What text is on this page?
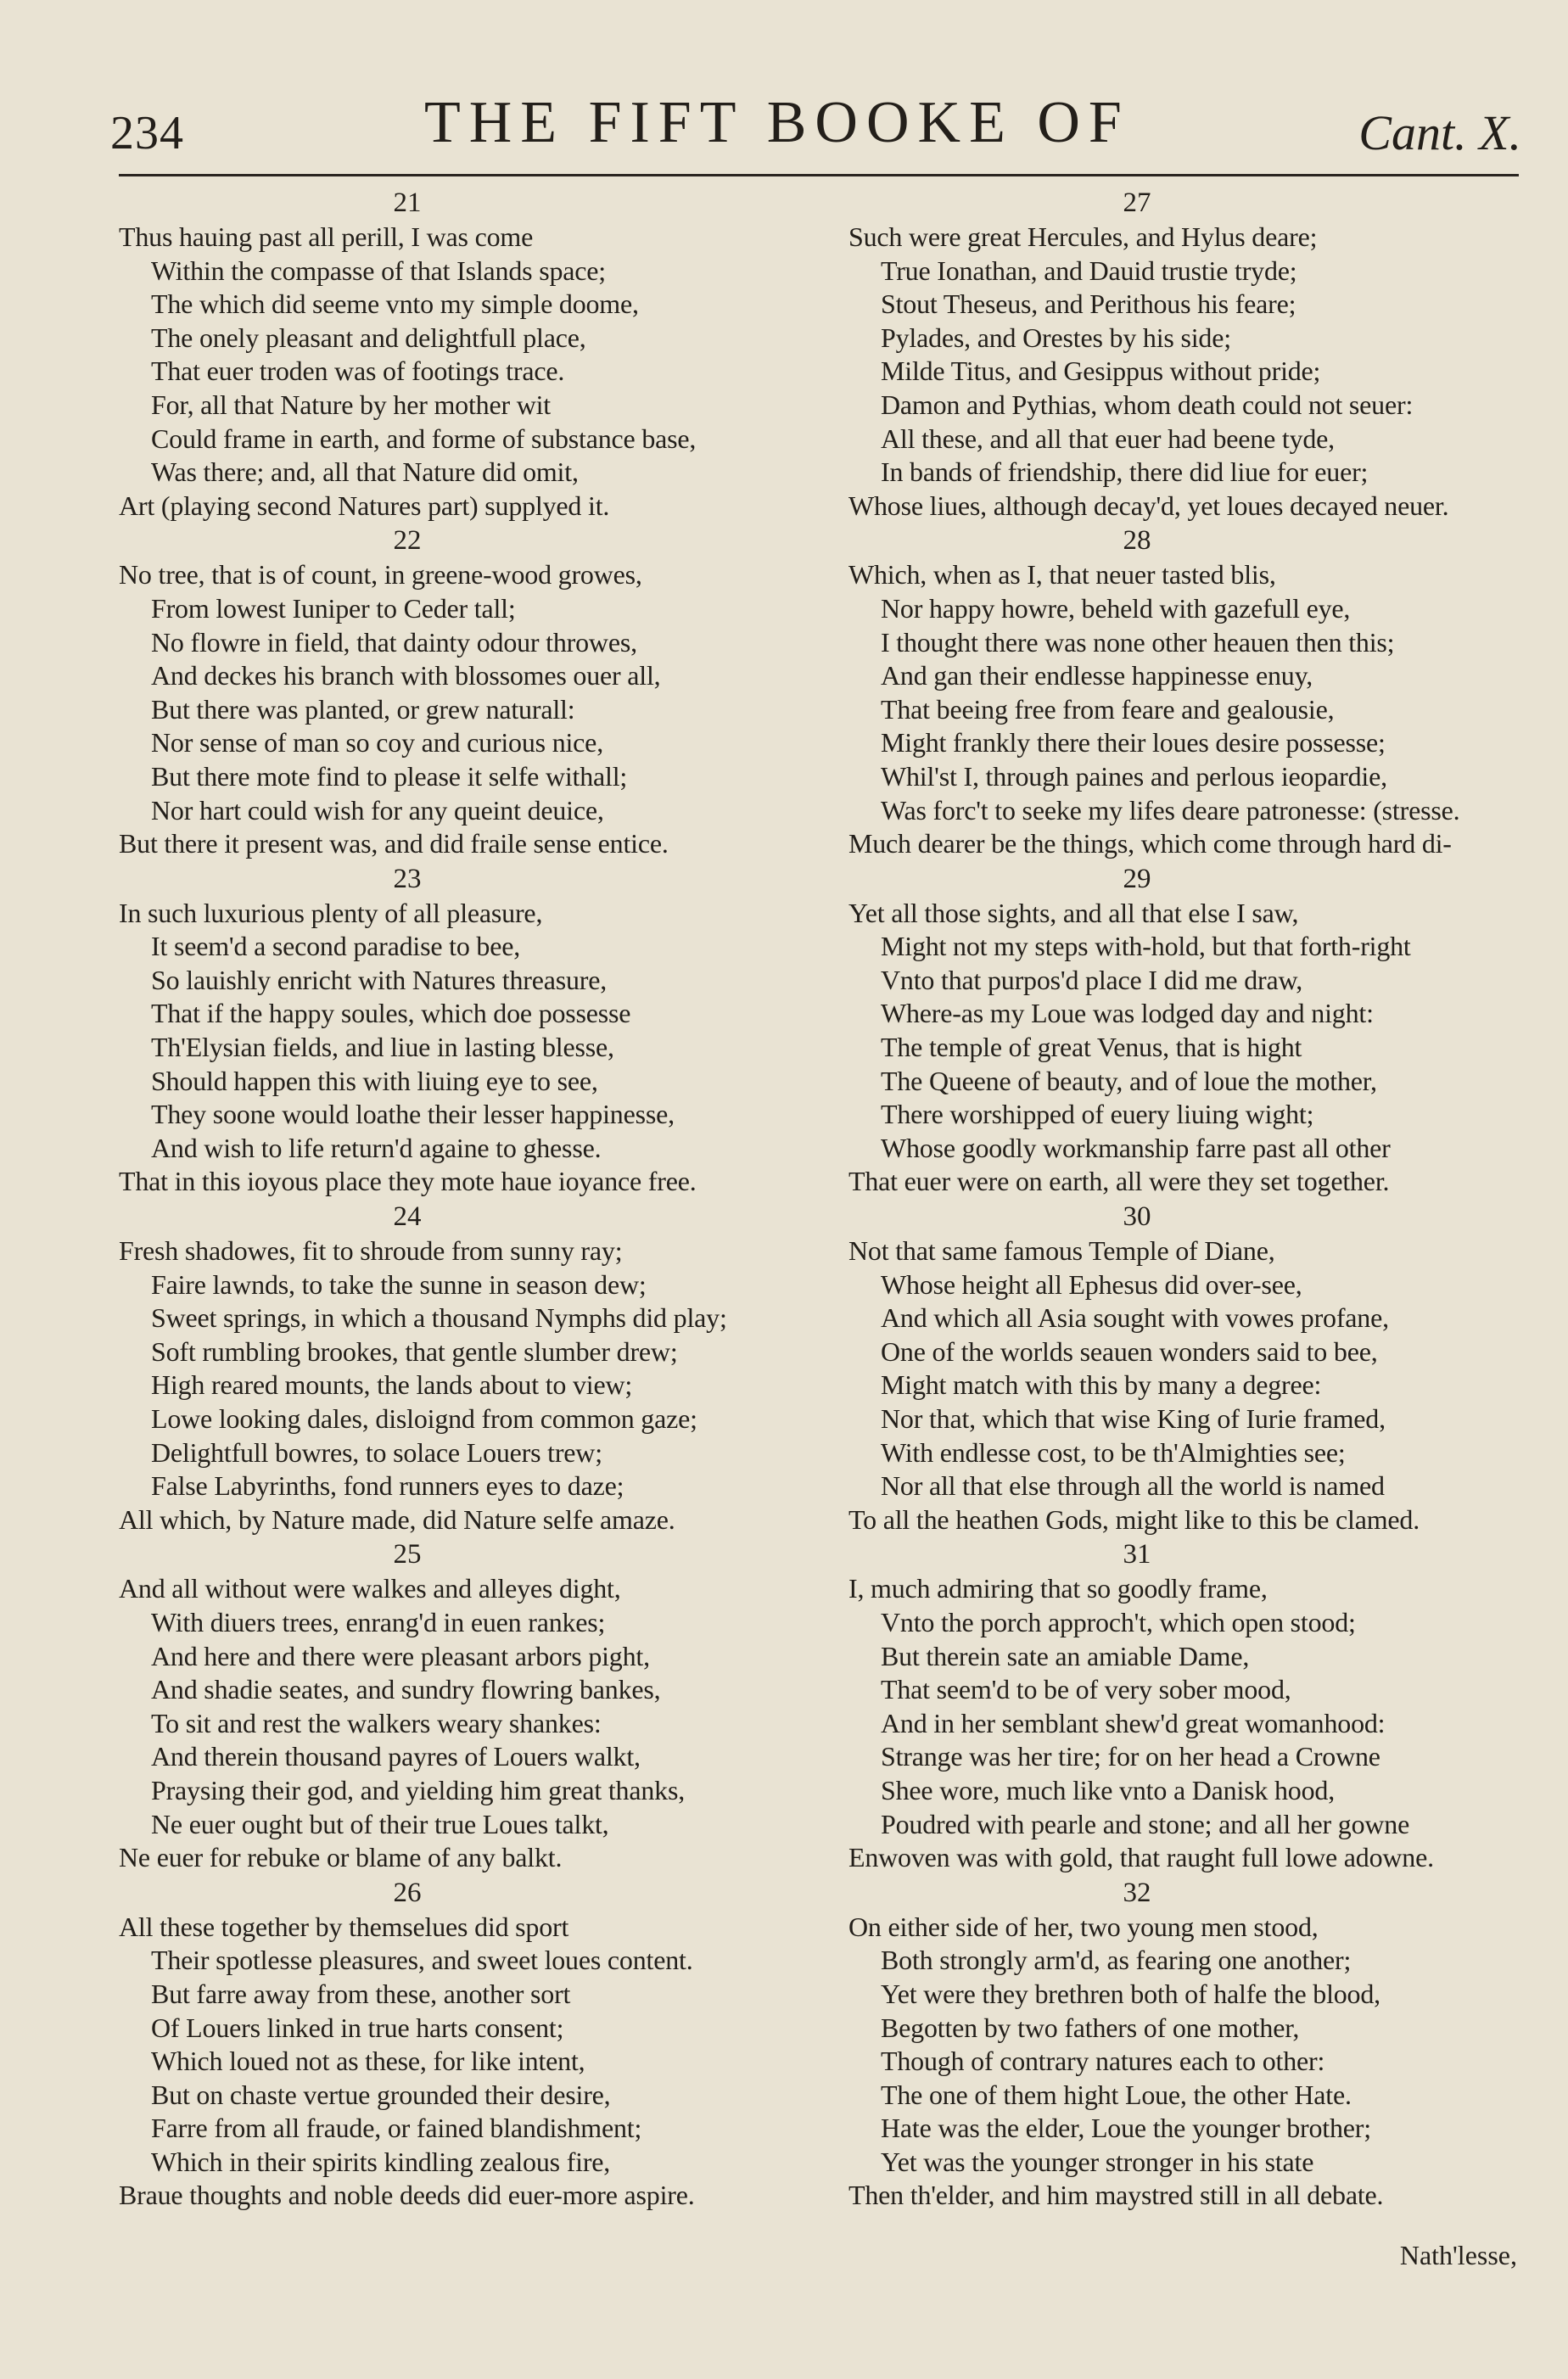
234	THE FIFT BOOKE OF	Cant. X.
21
Thus hauing past all perill, I was come
Within the compasse of that Islands space;
The which did seeme vnto my simple doome,
The onely pleasant and delightfull place,
That euer troden was of footings trace.
For, all that Nature by her mother wit
Could frame in earth, and forme of substance base,
Was there; and, all that Nature did omit,
Art (playing second Natures part) supplyed it.
22
No tree, that is of count, in greene-wood growes,
From lowest Iuniper to Ceder tall;
No flowre in field, that dainty odour throwes,
And deckes his branch with blossomes ouer all,
But there was planted, or grew naturall:
Nor sense of man so coy and curious nice,
But there mote find to please it selfe withall;
Nor hart could wish for any queint deuice,
But there it present was, and did fraile sense entice.
23
In such luxurious plenty of all pleasure,
It seem'd a second paradise to bee,
So lauishly enricht with Natures threasure,
That if the happy soules, which doe possesse
Th'Elysian fields, and liue in lasting blesse,
Should happen this with liuing eye to see,
They soone would loathe their lesser happinesse,
And wish to life return'd againe to ghesse.
That in this ioyous place they mote haue ioyance free.
24
Fresh shadowes, fit to shroude from sunny ray;
Faire lawnds, to take the sunne in season dew;
Sweet springs, in which a thousand Nymphs did play;
Soft rumbling brookes, that gentle slumber drew;
High reared mounts, the lands about to view;
Lowe looking dales, disloignd from common gaze;
Delightfull bowres, to solace Louers trew;
False Labyrinths, fond runners eyes to daze;
All which, by Nature made, did Nature selfe amaze.
25
And all without were walkes and alleyes dight,
With diuers trees, enrang'd in euen rankes;
And here and there were pleasant arbors pight,
And shadie seates, and sundry flowring bankes,
To sit and rest the walkers weary shankes:
And therein thousand payres of Louers walkt,
Praysing their god, and yielding him great thanks,
Ne euer ought but of their true Loues talkt,
Ne euer for rebuke or blame of any balkt.
26
All these together by themselues did sport
Their spotlesse pleasures, and sweet loues content.
But farre away from these, another sort
Of Louers linked in true harts consent;
Which loued not as these, for like intent,
But on chaste vertue grounded their desire,
Farre from all fraude, or fained blandishment;
Which in their spirits kindling zealous fire,
Braue thoughts and noble deeds did euer-more aspire.
27
Such were great Hercules, and Hylus deare;
True Ionathan, and Dauid trustie tryde;
Stout Theseus, and Perithous his feare;
Pylades, and Orestes by his side;
Milde Titus, and Gesippus without pride;
Damon and Pythias, whom death could not seuer:
All these, and all that euer had beene tyde,
In bands of friendship, there did liue for euer;
Whose liues, although decay'd, yet loues decayed neuer.
28
Which, when as I, that neuer tasted blis,
Nor happy howre, beheld with gazefull eye,
I thought there was none other heauen then this;
And gan their endlesse happinesse enuy,
That beeing free from feare and gealousie,
Might frankly there their loues desire possesse;
Whil'st I, through paines and perlous ieopardie,
Was forc't to seeke my lifes deare patronesse: (stresse.
Much dearer be the things, which come through hard di-
29
Yet all those sights, and all that else I saw,
Might not my steps with-hold, but that forth-right
Vnto that purpos'd place I did me draw,
Where-as my Loue was lodged day and night:
The temple of great Venus, that is hight
The Queene of beauty, and of loue the mother,
There worshipped of euery liuing wight;
Whose goodly workmanship farre past all other
That euer were on earth, all were they set together.
30
Not that same famous Temple of Diane,
Whose height all Ephesus did over-see,
And which all Asia sought with vowes profane,
One of the worlds seauen wonders said to bee,
Might match with this by many a degree:
Nor that, which that wise King of Iurie framed,
With endlesse cost, to be th'Almighties see;
Nor all that else through all the world is named
To all the heathen Gods, might like to this be clamed.
31
I, much admiring that so goodly frame,
Vnto the porch approch't, which open stood;
But therein sate an amiable Dame,
That seem'd to be of very sober mood,
And in her semblant shew'd great womanhood:
Strange was her tire; for on her head a Crowne
Shee wore, much like vnto a Danisk hood,
Poudred with pearle and stone; and all her gowne
Enwoven was with gold, that raught full lowe adowne.
32
On either side of her, two young men stood,
Both strongly arm'd, as fearing one another;
Yet were they brethren both of halfe the blood,
Begotten by two fathers of one mother,
Though of contrary natures each to other:
The one of them hight Loue, the other Hate.
Hate was the elder, Loue the younger brother;
Yet was the younger stronger in his state
Then th'elder, and him maystred still in all debate.
Nath'lesse,
